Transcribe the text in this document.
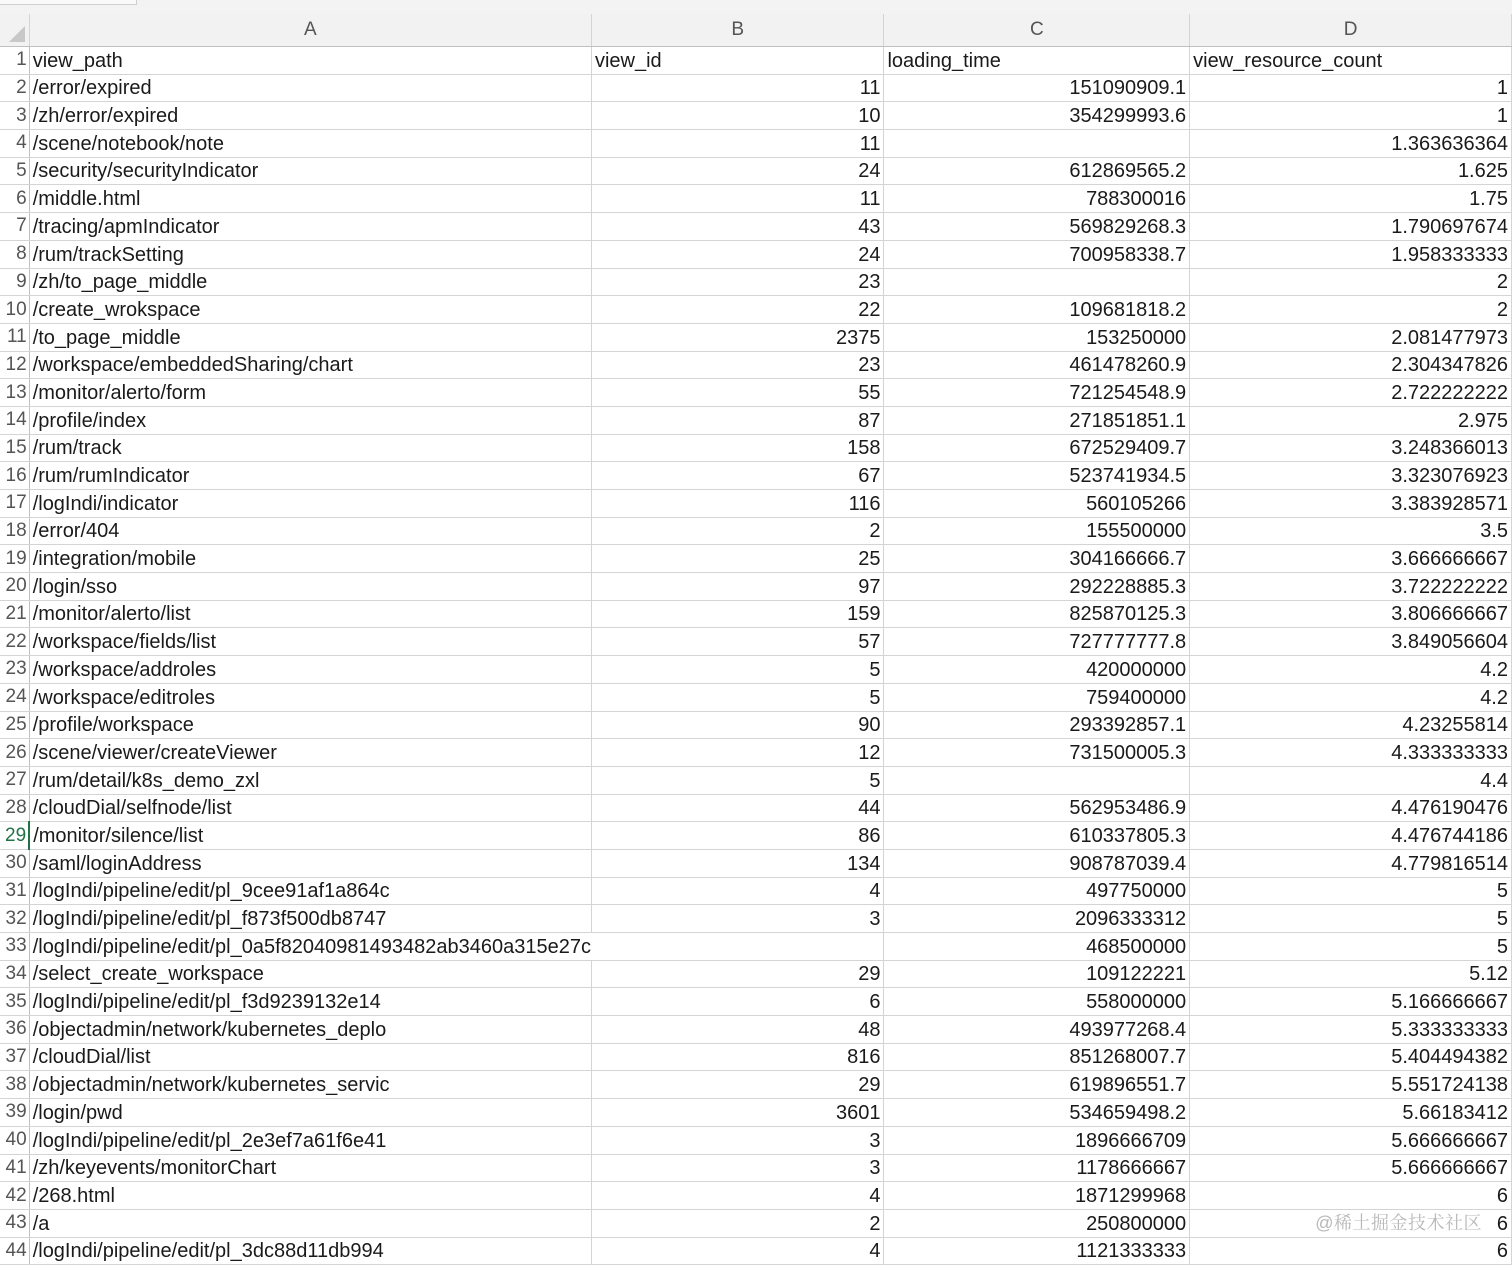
	A	B	C	D
1	view_path	view_id	loading_time	view_resource_count
2	/error/expired	11	151090909.1	1
3	/zh/error/expired	10	354299993.6	1
4	/scene/notebook/note	11		1.363636364
5	/security/securityIndicator	24	612869565.2	1.625
6	/middle.html	11	788300016	1.75
7	/tracing/apmIndicator	43	569829268.3	1.790697674
8	/rum/trackSetting	24	700958338.7	1.958333333
9	/zh/to_page_middle	23		2
10	/create_wrokspace	22	109681818.2	2
11	/to_page_middle	2375	153250000	2.081477973
12	/workspace/embeddedSharing/chart	23	461478260.9	2.304347826
13	/monitor/alerto/form	55	721254548.9	2.722222222
14	/profile/index	87	271851851.1	2.975
15	/rum/track	158	672529409.7	3.248366013
16	/rum/rumIndicator	67	523741934.5	3.323076923
17	/logIndi/indicator	116	560105266	3.383928571
18	/error/404	2	155500000	3.5
19	/integration/mobile	25	304166666.7	3.666666667
20	/login/sso	97	292228885.3	3.722222222
21	/monitor/alerto/list	159	825870125.3	3.806666667
22	/workspace/fields/list	57	727777777.8	3.849056604
23	/workspace/addroles	5	420000000	4.2
24	/workspace/editroles	5	759400000	4.2
25	/profile/workspace	90	293392857.1	4.23255814
26	/scene/viewer/createViewer	12	731500005.3	4.333333333
27	/rum/detail/k8s_demo_zxl	5		4.4
28	/cloudDial/selfnode/list	44	562953486.9	4.476190476
29	/monitor/silence/list	86	610337805.3	4.476744186
30	/saml/loginAddress	134	908787039.4	4.779816514
31	/logIndi/pipeline/edit/pl_9cee91af1a864c	4	497750000	5
32	/logIndi/pipeline/edit/pl_f873f500db8747	3	2096333312	5
33	/logIndi/pipeline/edit/pl_0a5f82040981493482ab3460a315e27c		468500000	5
34	/select_create_workspace	29	109122221	5.12
35	/logIndi/pipeline/edit/pl_f3d9239132e14	6	558000000	5.166666667
36	/objectadmin/network/kubernetes_deplo	48	493977268.4	5.333333333
37	/cloudDial/list	816	851268007.7	5.404494382
38	/objectadmin/network/kubernetes_servic	29	619896551.7	5.551724138
39	/login/pwd	3601	534659498.2	5.66183412
40	/logIndi/pipeline/edit/pl_2e3ef7a61f6e41	3	1896666709	5.666666667
41	/zh/keyevents/monitorChart	3	1178666667	5.666666667
42	/268.html	4	1871299968	6
43	/a	2	250800000	6
44	/logIndi/pipeline/edit/pl_3dc88d11db994	4	1121333333	6
@稀土掘金技术社区
